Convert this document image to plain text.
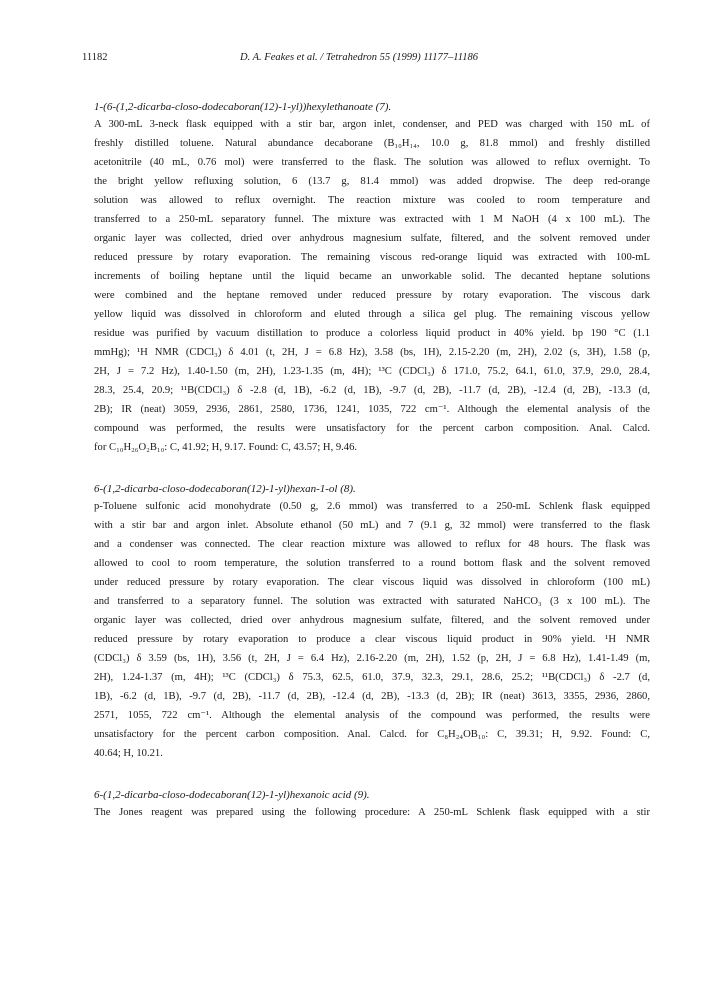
11182	D. A. Feakes et al. / Tetrahedron 55 (1999) 11177–11186
1-(6-(1,2-dicarba-closo-dodecaboran(12)-1-yl))hexylethanoate (7).
A 300-mL 3-neck flask equipped with a stir bar, argon inlet, condenser, and PED was charged with 150 mL of
freshly distilled toluene. Natural abundance decaborane (B₁₀H₁₄, 10.0 g, 81.8 mmol) and freshly distilled
acetonitrile (40 mL, 0.76 mol) were transferred to the flask. The solution was allowed to reflux overnight. To
the bright yellow refluxing solution, 6 (13.7 g, 81.4 mmol) was added dropwise. The deep red-orange
solution was allowed to reflux overnight. The reaction mixture was cooled to room temperature and
transferred to a 250-mL separatory funnel. The mixture was extracted with 1 M NaOH (4 x 100 mL). The
organic layer was collected, dried over anhydrous magnesium sulfate, filtered, and the solvent removed under
reduced pressure by rotary evaporation. The remaining viscous red-orange liquid was extracted with 100-mL
increments of boiling heptane until the liquid became an unworkable solid. The decanted heptane solutions
were combined and the heptane removed under reduced pressure by rotary evaporation. The viscous dark
yellow liquid was dissolved in chloroform and eluted through a silica gel plug. The remaining viscous yellow
residue was purified by vacuum distillation to produce a colorless liquid product in 40% yield. bp 190 °C (1.1
mmHg); ¹H NMR (CDCl₃) δ 4.01 (t, 2H, J = 6.8 Hz), 3.58 (bs, 1H), 2.15-2.20 (m, 2H), 2.02 (s, 3H), 1.58 (p,
2H, J = 7.2 Hz), 1.40-1.50 (m, 2H), 1.23-1.35 (m, 4H); ¹³C (CDCl₃) δ 171.0, 75.2, 64.1, 61.0, 37.9, 29.0, 28.4,
28.3, 25.4, 20.9; ¹¹B(CDCl₃) δ -2.8 (d, 1B), -6.2 (d, 1B), -9.7 (d, 2B), -11.7 (d, 2B), -12.4 (d, 2B), -13.3 (d,
2B); IR (neat) 3059, 2936, 2861, 2580, 1736, 1241, 1035, 722 cm⁻¹. Although the elemental analysis of the
compound was performed, the results were unsatisfactory for the percent carbon composition. Anal. Calcd.
for C₁₀H₂₆O₂B₁₀: C, 41.92; H, 9.17. Found: C, 43.57; H, 9.46.
6-(1,2-dicarba-closo-dodecaboran(12)-1-yl)hexan-1-ol (8).
p-Toluene sulfonic acid monohydrate (0.50 g, 2.6 mmol) was transferred to a 250-mL Schlenk flask equipped
with a stir bar and argon inlet. Absolute ethanol (50 mL) and 7 (9.1 g, 32 mmol) were transferred to the flask
and a condenser was connected. The clear reaction mixture was allowed to reflux for 48 hours. The flask was
allowed to cool to room temperature, the solution transferred to a round bottom flask and the solvent removed
under reduced pressure by rotary evaporation. The clear viscous liquid was dissolved in chloroform (100 mL)
and transferred to a separatory funnel. The solution was extracted with saturated NaHCO₃ (3 x 100 mL). The
organic layer was collected, dried over anhydrous magnesium sulfate, filtered, and the solvent removed under
reduced pressure by rotary evaporation to produce a clear viscous liquid product in 90% yield. ¹H NMR
(CDCl₃) δ 3.59 (bs, 1H), 3.56 (t, 2H, J = 6.4 Hz), 2.16-2.20 (m, 2H), 1.52 (p, 2H, J = 6.8 Hz), 1.41-1.49 (m,
2H), 1.24-1.37 (m, 4H); ¹³C (CDCl₃) δ 75.3, 62.5, 61.0, 37.9, 32.3, 29.1, 28.6, 25.2; ¹¹B(CDCl₃) δ -2.7 (d,
1B), -6.2 (d, 1B), -9.7 (d, 2B), -11.7 (d, 2B), -12.4 (d, 2B), -13.3 (d, 2B); IR (neat) 3613, 3355, 2936, 2860,
2571, 1055, 722 cm⁻¹. Although the elemental analysis of the compound was performed, the results were
unsatisfactory for the percent carbon composition. Anal. Calcd. for C₈H₂₄OB₁₀: C, 39.31; H, 9.92. Found: C,
40.64; H, 10.21.
6-(1,2-dicarba-closo-dodecaboran(12)-1-yl)hexanoic acid (9).
The Jones reagent was prepared using the following procedure: A 250-mL Schlenk flask equipped with a stir
